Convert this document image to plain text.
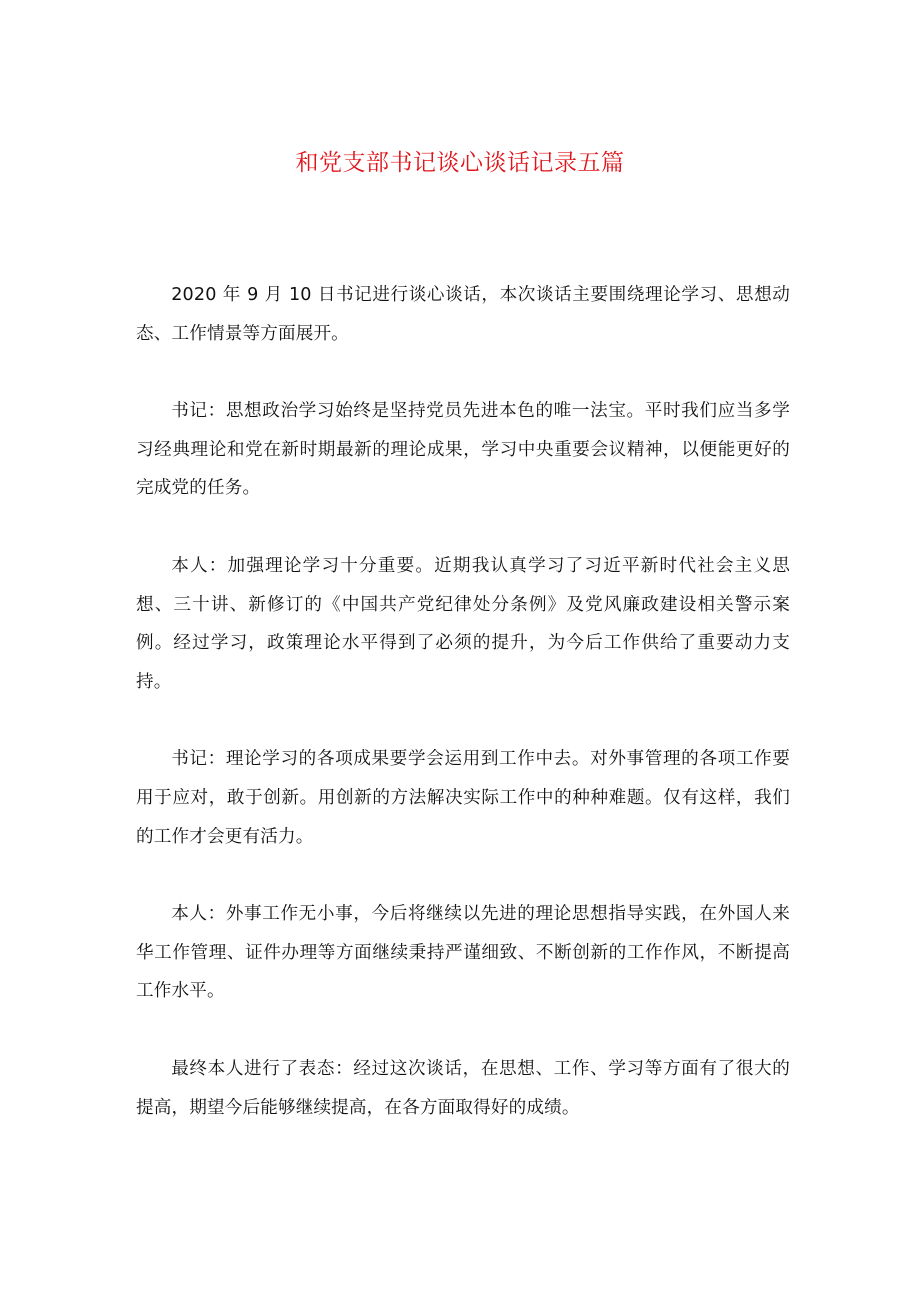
和党支部书记谈心谈话记录五篇

2020 年 9 月 10 日书记进行谈心谈话，本次谈话主要围绕理论学习、思想动态、工作情景等方面展开。

书记：思想政治学习始终是坚持党员先进本色的唯一法宝。平时我们应当多学习经典理论和党在新时期最新的理论成果，学习中央重要会议精神，以便能更好的完成党的任务。

本人：加强理论学习十分重要。近期我认真学习了习近平新时代社会主义思想、三十讲、新修订的《中国共产党纪律处分条例》及党风廉政建设相关警示案例。经过学习，政策理论水平得到了必须的提升，为今后工作供给了重要动力支持。

书记：理论学习的各项成果要学会运用到工作中去。对外事管理的各项工作要用于应对，敢于创新。用创新的方法解决实际工作中的种种难题。仅有这样，我们的工作才会更有活力。

本人：外事工作无小事，今后将继续以先进的理论思想指导实践，在外国人来华工作管理、证件办理等方面继续秉持严谨细致、不断创新的工作作风，不断提高工作水平。

最终本人进行了表态：经过这次谈话，在思想、工作、学习等方面有了很大的提高，期望今后能够继续提高，在各方面取得好的成绩。
